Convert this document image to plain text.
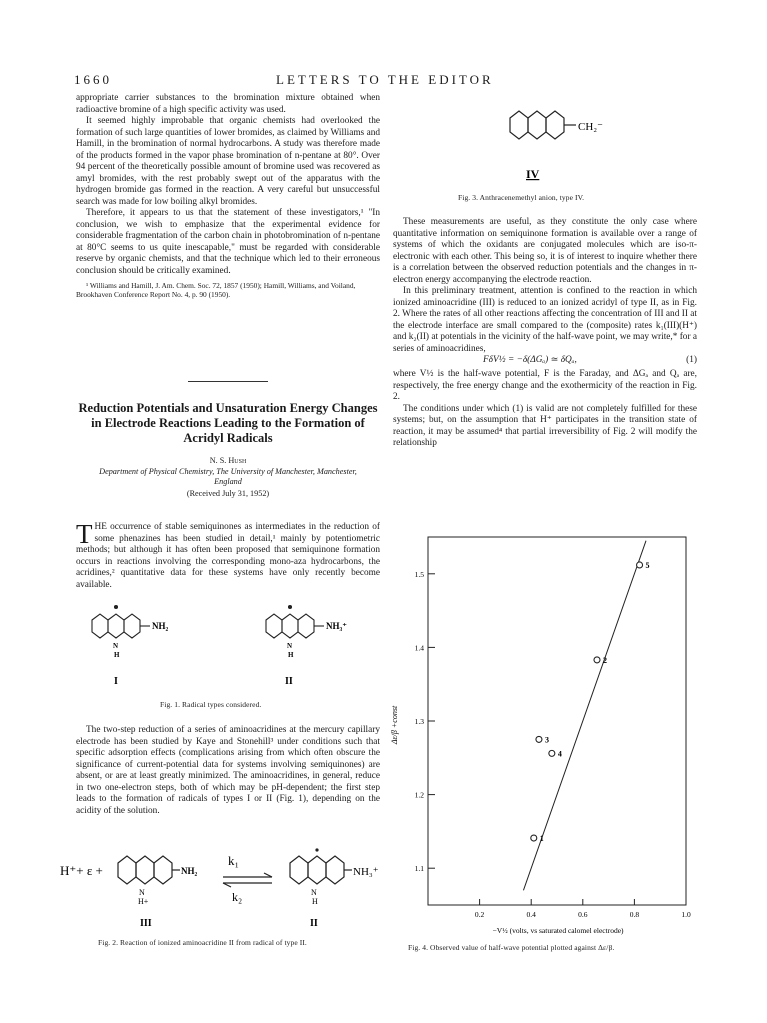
1660	LETTERS TO THE EDITOR

appropriate carrier substances to the bromination mixture obtained when radioactive bromine of a high specific activity was used.

It seemed highly improbable that organic chemists had overlooked the formation of such large quantities of lower bromides, as claimed by Williams and Hamill, in the bromination of normal hydrocarbons. A study was therefore made of the products formed in the vapor phase bromination of n-pentane at 80°. Over 94 percent of the theoretically possible amount of bromine used was recovered as amyl bromides, with the rest probably swept out of the apparatus with the hydrogen bromide gas formed in the reaction. A very careful but unsuccessful search was made for low boiling alkyl bromides.

Therefore, it appears to us that the statement of these investigators,¹ "In conclusion, we wish to emphasize that the experimental evidence for considerable fragmentation of the carbon chain in photobromination of n-pentane at 80°C seems to us quite inescapable," must be regarded with considerable reserve by organic chemists, and that the technique which led to their erroneous conclusion should be critically examined.

¹ Williams and Hamill, J. Am. Chem. Soc. 72, 1857 (1950); Hamill, Williams, and Voiland, Brookhaven Conference Report No. 4, p. 90 (1950).

Reduction Potentials and Unsaturation Energy Changes in Electrode Reactions Leading to the Formation of Acridyl Radicals
N. S. Hush
Department of Physical Chemistry, The University of Manchester, Manchester, England
(Received July 31, 1952)
THE occurrence of stable semiquinones as intermediates in the reduction of some phenazines has been studied in detail,¹ mainly by potentiometric methods; but although it has often been proposed that semiquinone formation occurs in reactions involving the corresponding mono-aza hydrocarbons, the acridines,² quantitative data for these systems have only recently become available.
NH₂	NH₃⁺
N
H
N
H
I	II
Fig. 1. Radical types considered.

The two-step reduction of a series of aminoacridines at the mercury capillary electrode has been studied by Kaye and Stonehill³ under conditions such that specific adsorption effects (complications arising from which often obscure the significance of current-potential data for systems involving semiquinones) are absent, or are at least greatly minimized. The aminoacridines, in general, reduce in two one-electron steps, both of which may be pH-dependent; the first step leads to the formation of radicals of types I or II (Fig. 1), depending on the acidity of the solution.

H⁺+ ε +	NH₂	NH₃⁺
k₁
k₂
N
H+
N
H
III	II
Fig. 2. Reaction of ionized aminoacridine II from radical of type II.
CH₂⁻
IV
Fig. 3. Anthracenemethyl anion, type IV.

These measurements are useful, as they constitute the only case where quantitative information on semiquinone formation is available over a range of systems of which the oxidants are conjugated molecules which are iso-π-electronic with each other. This being so, it is of interest to inquire whether there is a correlation between the observed reduction potentials and the changes in π-electron energy accompanying the electrode reaction.

In this preliminary treatment, attention is confined to the reaction in which ionized aminoacridine (III) is reduced to an ionized acridyl of type II, as in Fig. 2. Where the rates of all other reactions affecting the concentration of III and II at the electrode interface are small compared to the (composite) rates k₁(III)(H⁺) and k₂(II) at potentials in the vicinity of the half-wave point, we may write,* for a series of aminoacridines,

FδV½ = −δ(ΔGₐ) ≃ δQₐ,	(1)

where V½ is the half-wave potential, F is the Faraday, and ΔGₐ and Qₐ are, respectively, the free energy change and the exothermicity of the reaction in Fig. 2.

The conditions under which (1) is valid are not completely fulfilled for these systems; but, on the assumption that H⁺ participates in the transition state of reaction, it may be assumed⁴ that partial irreversibility of Fig. 2 will modify the relationship

0.2	0.4	0.6	0.8	1.0
1.1
1.2
1.3
1.4
1.5
1
2
3
4
5
Δε/β +const
−V½ (volts, vs saturated calomel electrode)
Fig. 4. Observed value of half-wave potential plotted against Δε/β.
